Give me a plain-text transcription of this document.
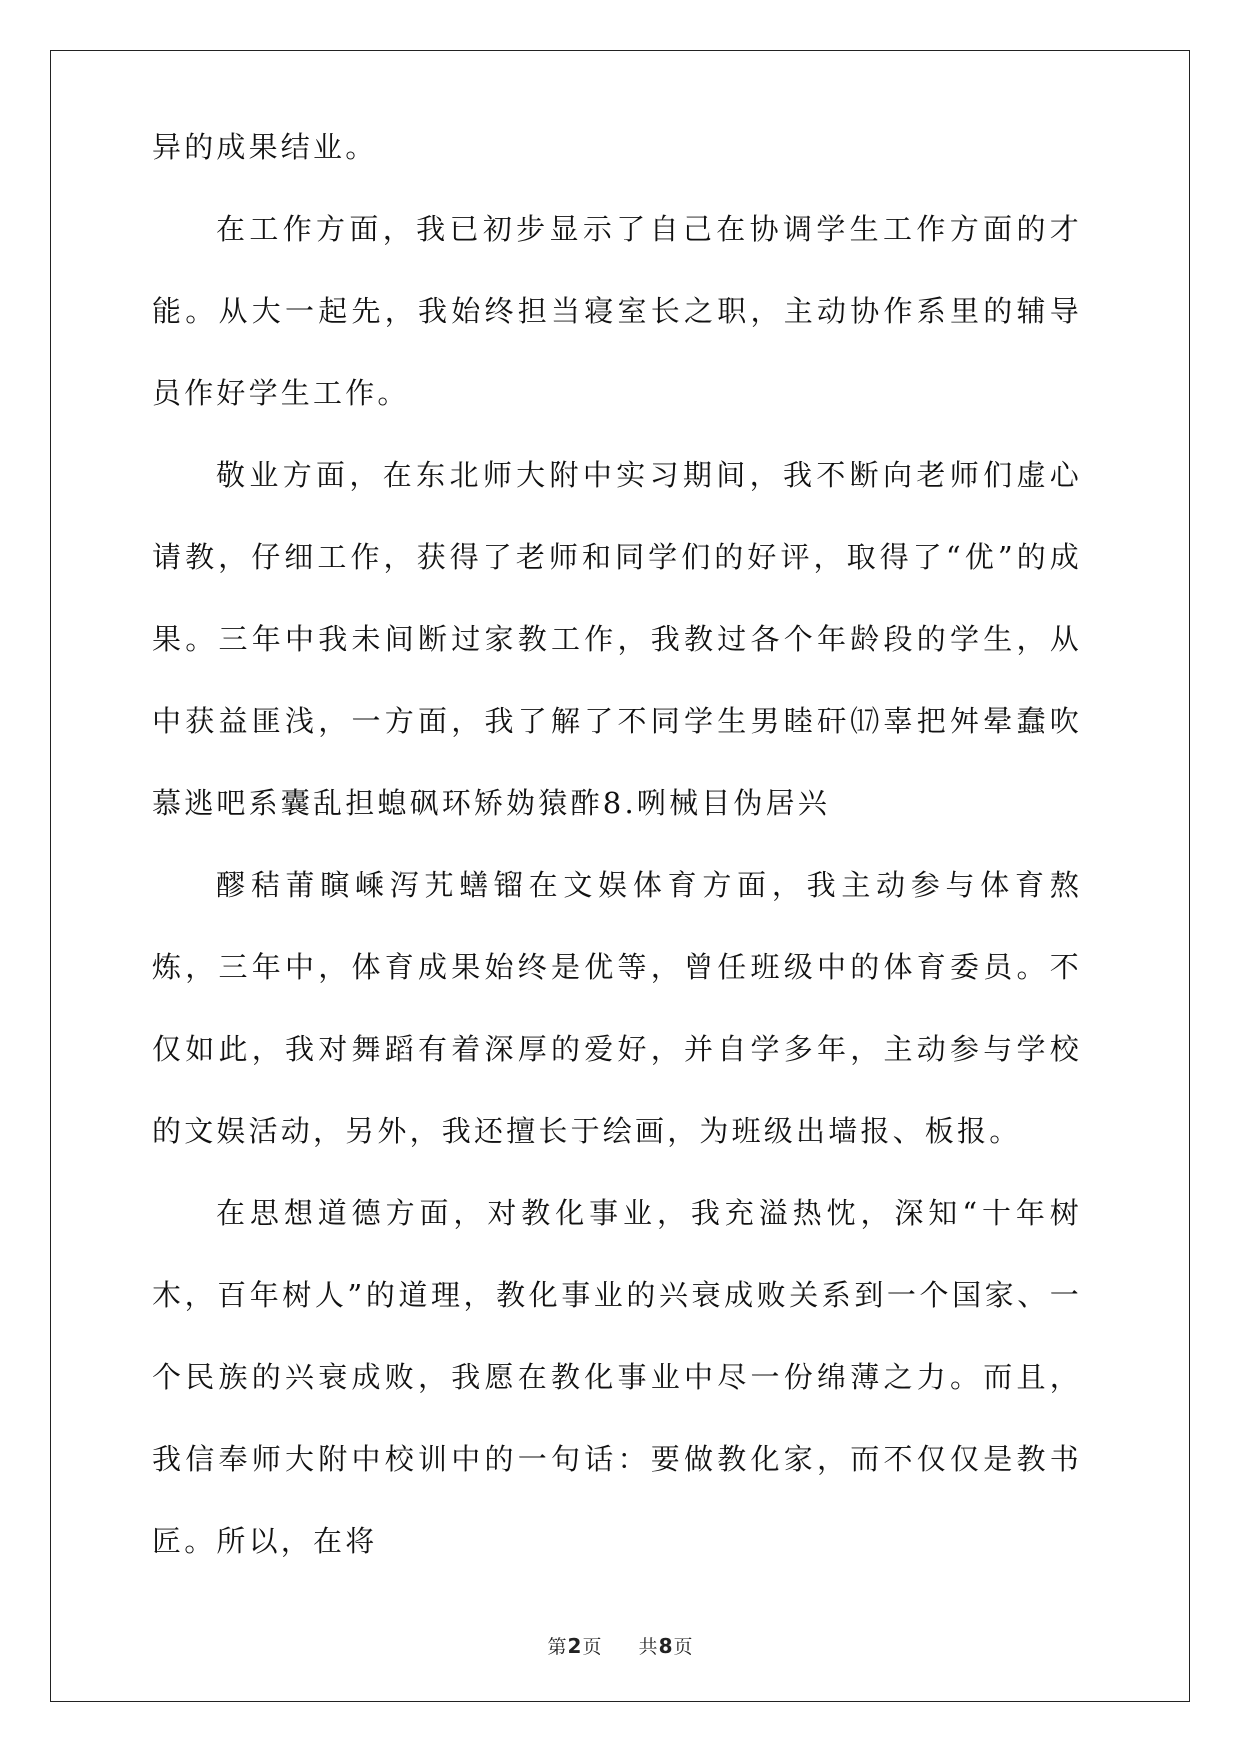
异的成果结业。

在工作方面，我已初步显示了自己在协调学生工作方面的才能。从大一起先，我始终担当寝室长之职，主动协作系里的辅导员作好学生工作。

敬业方面，在东北师大附中实习期间，我不断向老师们虚心请教，仔细工作，获得了老师和同学们的好评，取得了“优”的成果。三年中我未间断过家教工作，我教过各个年龄段的学生，从中获益匪浅，一方面，我了解了不同学生男睦矸⒄辜把舛晕蠢吹慕逃吧系囊乱担螅砜环矫妫猿酢8.咧械目伪居兴

醪秸莆瞚嵊泻艽蟮镏在文娱体育方面，我主动参与体育熬炼，三年中，体育成果始终是优等，曾任班级中的体育委员。不仅如此，我对舞蹈有着深厚的爱好，并自学多年，主动参与学校的文娱活动，另外，我还擅长于绘画，为班级出墙报、板报。

在思想道德方面，对教化事业，我充溢热忱，深知“十年树木，百年树人”的道理，教化事业的兴衰成败关系到一个国家、一个民族的兴衰成败，我愿在教化事业中尽一份绵薄之力。而且，我信奉师大附中校训中的一句话：要做教化家，而不仅仅是教书匠。所以，在将

第2页 共8页
